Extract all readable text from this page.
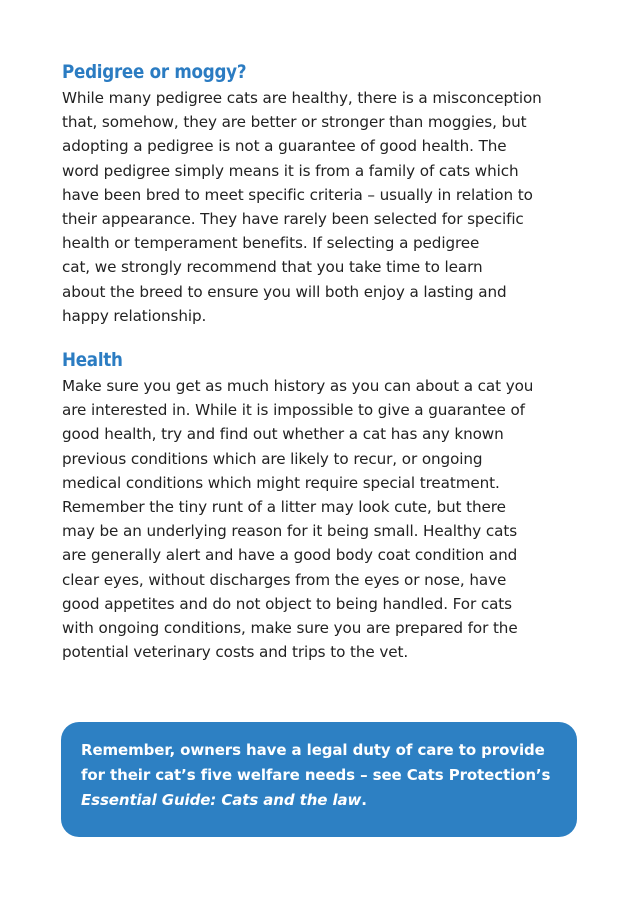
Pedigree or moggy?

While many pedigree cats are healthy, there is a misconception
that, somehow, they are better or stronger than moggies, but
adopting a pedigree is not a guarantee of good health. The
word pedigree simply means it is from a family of cats which
have been bred to meet specific criteria – usually in relation to
their appearance. They have rarely been selected for specific
health or temperament benefits. If selecting a pedigree
cat, we strongly recommend that you take time to learn
about the breed to ensure you will both enjoy a lasting and
happy relationship.

Health

Make sure you get as much history as you can about a cat you
are interested in. While it is impossible to give a guarantee of
good health, try and find out whether a cat has any known
previous conditions which are likely to recur, or ongoing
medical conditions which might require special treatment.
Remember the tiny runt of a litter may look cute, but there
may be an underlying reason for it being small. Healthy cats
are generally alert and have a good body coat condition and
clear eyes, without discharges from the eyes or nose, have
good appetites and do not object to being handled. For cats
with ongoing conditions, make sure you are prepared for the
potential veterinary costs and trips to the vet.

Remember, owners have a legal duty of care to provide
for their cat’s five welfare needs – see Cats Protection’s
Essential Guide: Cats and the law.
